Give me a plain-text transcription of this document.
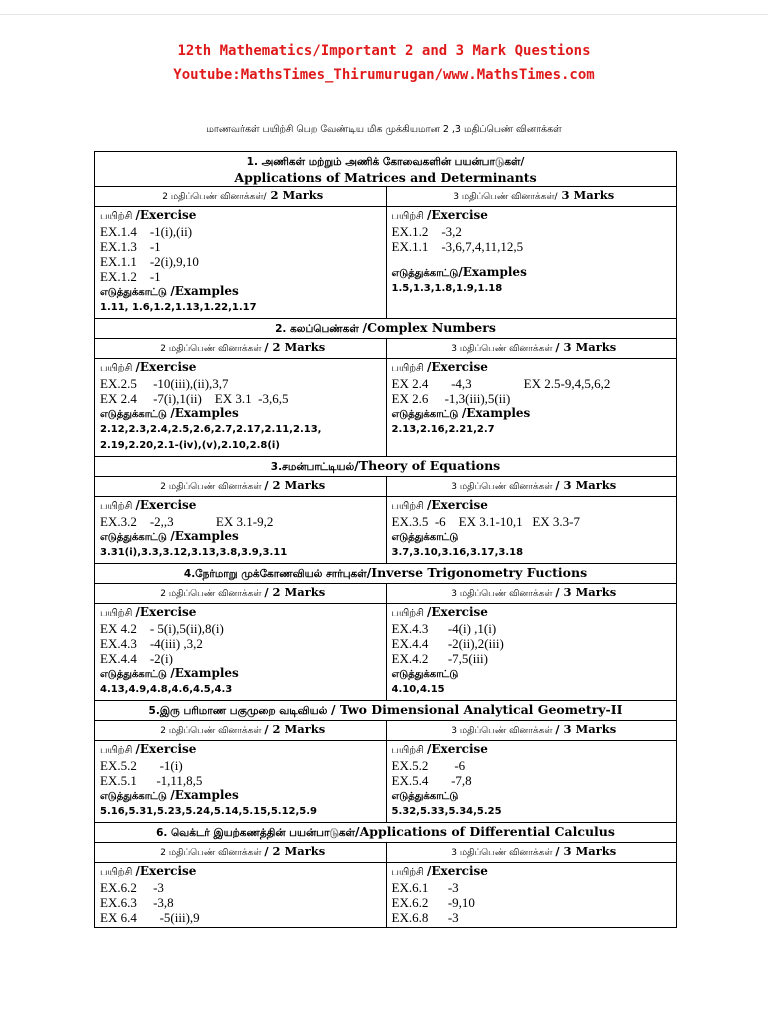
12th Mathematics/Important 2 and 3 Mark Questions
Youtube:MathsTimes_Thirumurugan/www.MathsTimes.com
மாணவர்கள் பயிற்சி பெற வேண்டிய மிக முக்கியமான 2 ,3 மதிப்பெண் வினாக்கள்
1. அணிகள் மற்றும் அணிக் கோவைகளின் பயன்பாடுகள்/
Applications of Matrices and Determinants
2 மதிப்பெண் வினாக்கள்/ 2 Marks	3 மதிப்பெண் வினாக்கள்/ 3 Marks
பயிற்சி /Exercise
EX.1.4    -1(i),(ii)
EX.1.3    -1
EX.1.1    -2(i),9,10
EX.1.2    -1
எடுத்துக்காட்டு /Examples
1.11, 1.6,1.2,1.13,1.22,1.17
பயிற்சி /Exercise
EX.1.2    -3,2
EX.1.1    -3,6,7,4,11,12,5
எடுத்துக்காட்டு/Examples
1.5,1.3,1.8,1.9,1.18
2. கலப்பெண்கள் /Complex Numbers
2 மதிப்பெண் வினாக்கள் / 2 Marks	3 மதிப்பெண் வினாக்கள் / 3 Marks
பயிற்சி /Exercise
EX.2.5     -10(iii),(ii),3,7
EX 2.4     -7(i),1(ii)    EX 3.1  -3,6,5
எடுத்துக்காட்டு /Examples
2.12,2.3,2.4,2.5,2.6,2.7,2.17,2.11,2.13,
2.19,2.20,2.1-(iv),(v),2.10,2.8(i)
பயிற்சி /Exercise
EX 2.4       -4,3                EX 2.5-9,4,5,6,2
EX 2.6     -1,3(iii),5(ii)
எடுத்துக்காட்டு /Examples
2.13,2.16,2.21,2.7
3.சமன்பாட்டியல்/Theory of Equations
2 மதிப்பெண் வினாக்கள் / 2 Marks	3 மதிப்பெண் வினாக்கள் / 3 Marks
பயிற்சி /Exercise
EX.3.2    -2,,3             EX 3.1-9,2
எடுத்துக்காட்டு /Examples
3.31(i),3.3,3.12,3.13,3.8,3.9,3.11
பயிற்சி /Exercise
EX.3.5  -6    EX 3.1-10,1   EX 3.3-7
எடுத்துக்காட்டு
3.7,3.10,3.16,3.17,3.18
4.நேர்மாறு முக்கோணவியல் சார்புகள்/Inverse Trigonometry Fuctions
2 மதிப்பெண் வினாக்கள் / 2 Marks	3 மதிப்பெண் வினாக்கள் / 3 Marks
பயிற்சி /Exercise
EX 4.2    - 5(i),5(ii),8(i)
EX.4.3    -4(iii) ,3,2
EX.4.4    -2(i)
எடுத்துக்காட்டு /Examples
4.13,4.9,4.8,4.6,4.5,4.3
பயிற்சி /Exercise
EX.4.3      -4(i) ,1(i)
EX.4.4      -2(ii),2(iii)
EX.4.2      -7,5(iii)
எடுத்துக்காட்டு
4.10,4.15
5.இரு பரிமாண பகுமுறை வடிவியல் / Two Dimensional Analytical Geometry-II
2 மதிப்பெண் வினாக்கள் / 2 Marks	3 மதிப்பெண் வினாக்கள் / 3 Marks
பயிற்சி /Exercise
EX.5.2       -1(i)
EX.5.1      -1,11,8,5
எடுத்துக்காட்டு /Examples
5.16,5.31,5.23,5.24,5.14,5.15,5.12,5.9
பயிற்சி /Exercise
EX.5.2        -6
EX.5.4       -7,8
எடுத்துக்காட்டு
5.32,5.33,5.34,5.25
6. வெக்டர் இயற்கணத்தின் பயன்பாடுகள்/Applications of Differential Calculus
2 மதிப்பெண் வினாக்கள் / 2 Marks	3 மதிப்பெண் வினாக்கள் / 3 Marks
பயிற்சி /Exercise
EX.6.2     -3
EX.6.3     -3,8
EX 6.4       -5(iii),9
பயிற்சி /Exercise
EX.6.1      -3
EX.6.2      -9,10
EX.6.8      -3
